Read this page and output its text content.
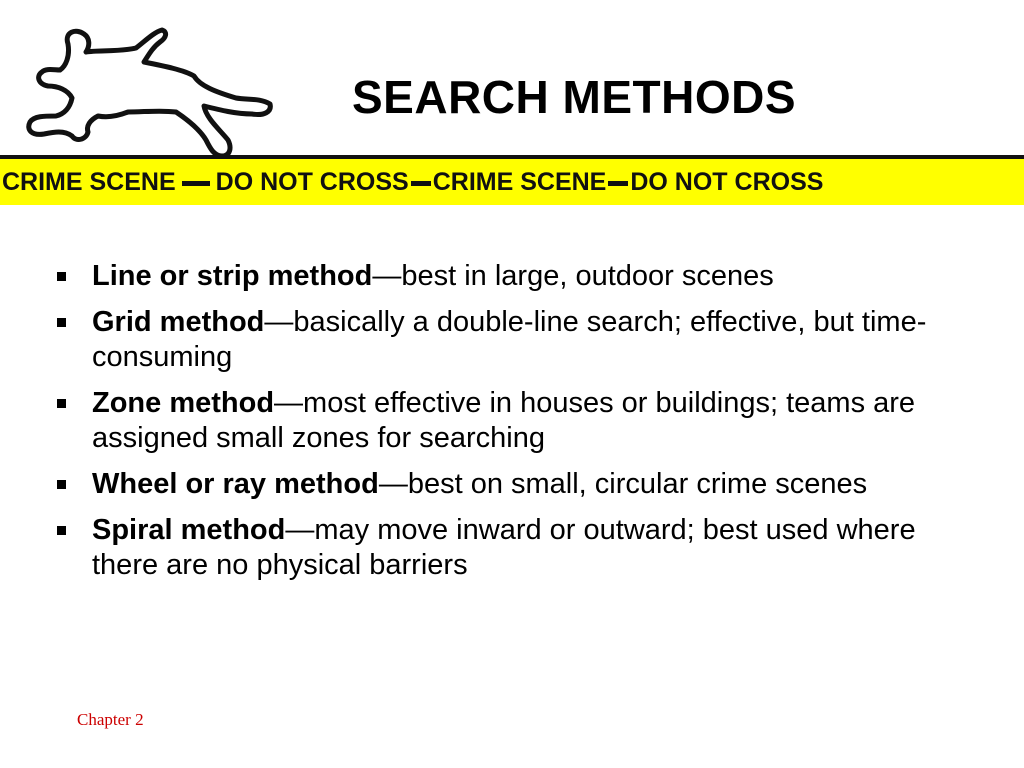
SEARCH METHODS
CRIME SCENE DO NOT CROSS CRIME SCENE DO NOT CROSS
Line or strip method—best in large, outdoor scenes
Grid method—basically a double-line search; effective, but time-consuming
Zone method—most effective in houses or buildings; teams are assigned small zones for searching
Wheel or ray method—best on small, circular crime scenes
Spiral method—may move inward or outward; best used where there are no physical barriers
Chapter 2
